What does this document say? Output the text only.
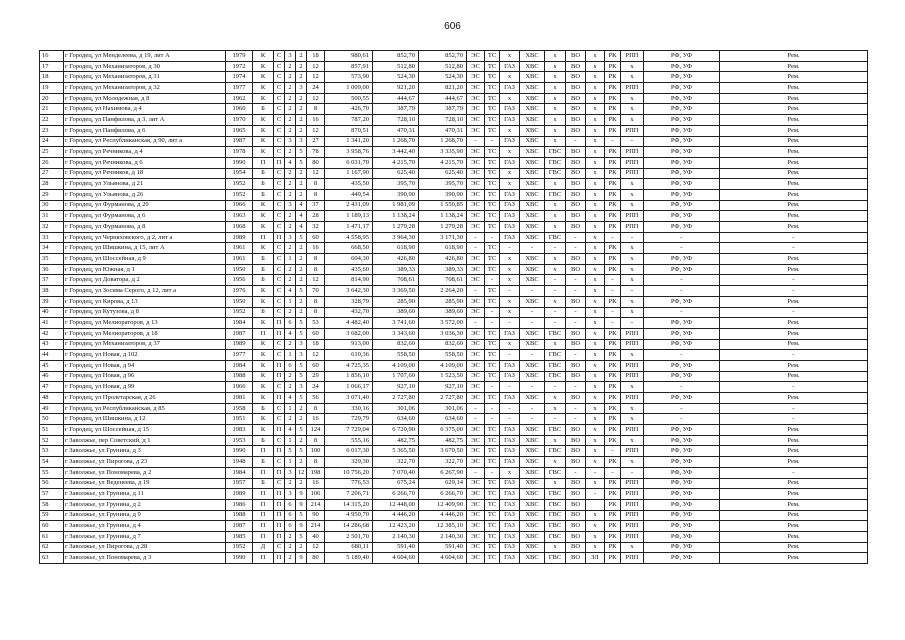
606
16	г Городец, ул Менделеева, д 19, лит А	1979	К	С	3	2	18	980,61	852,70	852,70	ЭС	ТС	х	ХВС	х	ВО	х	РК	РПП	РФ, УФ	Рем.
17	г Городец, ул Механизаторов, д 30	1972	К	С	2	2	12	857,91	512,80	512,80	ЭС	ТС	ГАЗ	ХВС	х	ВО	х	РК	х	РФ, УФ	Рем.
18	г Городец, ул Механизаторов, д 31	1974	К	С	2	2	12	573,90	524,30	524,30	ЭС	ТС	х	ХВС	х	ВО	х	РК	х	РФ, УФ	Рем.
19	г Городец, ул Механизаторов, д 32	1977	К	С	2	3	24	1 009,00	921,20	821,20	ЭС	ТС	ГАЗ	ХВС	х	ВО	х	РК	РПП	РФ, УФ	Рем.
20	г Городец, ул Молодежная, д 8	1962	К	С	2	2	12	500,55	444,67	444,67	ЭС	ТС	х	ХВС	х	ВО	х	РК	х	РФ, УФ	Рем.
21	г Городец, ул Нахимова, д 4	1960	Б	С	2	2	8	426,70	387,79	387,79	ЭС	ТС	ГАЗ	ХВС	х	ВО	х	РК	х	РФ, УФ	Рем.
22	г Городец, ул Панфилова, д 3, лит А	1970	К	С	2	2	16	787,20	728,10	728,10	ЭС	ТС	ГАЗ	ХВС	х	ВО	х	РК	х	РФ, УФ	Рем.
23	г Городец, ул Панфилова, д 6	1965	К	С	2	2	12	870,51	470,31	470,31	ЭС	ТС	х	ХВС	х	ВО	х	РК	РПП	РФ, УФ	Рем.
24	г Городец, ул Республиканская, д 90, лит а	1987	К	С	3	3	27	1 341,20	1 268,70	1 268,70	-	-	ГАЗ	ХВС	х	-	х	-	-	РФ, УФ	Рем.
25	г Городец, ул Речникова, д 4	1978	К	С	2	5	78	3 958,76	3 442,40	3 335,90	ЭС	ТС	х	ХВС	ГВС	ВО	х	РК	РПП	РФ, УФ	Рем.
26	г Городец, ул Речникова, д 6	1990	П	П	4	5	80	6 031,70	4 215,70	4 215,70	ЭС	ТС	ГАЗ	ХВС	ГВС	ВО	х	РК	РПП	РФ, УФ	Рем.
27	г Городец, ул Речников, д 18	1954	Б	С	2	2	12	1 167,90	625,40	625,40	ЭС	ТС	х	ХВС	ГВС	ВО	х	РК	РПП	РФ, УФ	Рем.
28	г Городец, ул Ульянова, д 21	1952	Б	С	2	2	8	435,50	395,70	395,70	ЭС	ТС	х	ХВС	х	ВО	х	РК	х	РФ, УФ	Рем.
29	г Городец, ул Ульянова, д 26	1952	Б	С	2	2	8	449,54	390,90	390,90	ЭС	ТС	ГАЗ	ХВС	ГВС	ВО	х	РК	х	РФ, УФ	Рем.
30	г Городец, ул Фурманова, д 20	1966	К	С	3	4	37	2 431,09	1 981,09	1 550,85	ЭС	ТС	ГАЗ	ХВС	х	ВО	х	РК	х	РФ, УФ	Рем.
31	г Городец, ул Фурманова, д 6	1963	К	С	2	4	28	1 189,13	1 138,24	1 138,24	ЭС	ТС	ГАЗ	ХВС	х	ВО	х	РК	РПП	РФ, УФ	Рем.
32	г Городец, ул Фурманова, д 8	1968	К	С	2	4	32	1 471,17	1 279,28	1 279,28	ЭС	ТС	ГАЗ	ХВС	х	ВО	х	РК	РПП	РФ, УФ	Рем.
33	г Городец, ул Черняховского, д 2, лит а	1989	П	П	3	5	60	4 558,95	3 964,30	3 171,30	-	-	ГАЗ	ХВС	ГВС	-	х	-	-	-	-
34	г Городец, ул Шишкина, д 15, лит А	1961	К	С	2	2	16	668,50	618,90	618,90	-	ТС	-	-	-	-	х	РК	х	-	-
35	г Городец, ул Шоссейная, д 9	1961	Б	С	1	2	8	604,30	426,80	426,80	ЭС	ТС	х	ХВС	х	ВО	х	РК	х	РФ, УФ	Рем.
36	г Городец, ул Южная, д 1	1950	Б	С	2	2	8	435,60	389,33	389,33	ЭС	ТС	х	ХВС	х	ВО	х	РК	х	РФ, УФ	Рем.
37	г Городец, ул Доватора, д 2	1956	Б	С	2	2	12	814,90	708,61	708,61	ЭС	-	х	ХВС	-	-	х	-	х	-	-
38	г Городец, ул Зосима Серого, д 12, лит а	1976	К	С	4	5	70	3 642,30	3 369,50	2 264,20	-	ТС	-	-	-	-	х	-	-	-	-
39	г Городец, ул Кирова, д 13	1950	К	С	1	2	8	328,79	285,90	285,90	ЭС	ТС	х	ХВС	х	ВО	х	РК	х	РФ, УФ	Рем.
40	г Городец, ул Кутузова, д 8	1952	Б	С	2	2	8	432,70	389,60	389,60	ЭС	-	х	-	-	-	х	-	х	-	-
41	г Городец, ул Мелиораторов, д 13	1984	К	П	6	5	53	4 482,40	3 741,60	3 572,00	-	-	-	-	-	-	х	-	-	РФ, УФ	Рем.
42	г Городец, ул Мелиораторов, д 18	1987	П	П	4	5	60	3 682,00	3 343,60	3 036,30	ЭС	ТС	ГАЗ	ХВС	ГВС	ВО	х	РК	РПП	РФ, УФ	Рем.
43	г Городец, ул Механизаторов, д 37	1989	К	С	2	3	18	913,00	832,60	832,60	ЭС	ТС	х	ХВС	х	ВО	х	РК	РПП	РФ, УФ	Рем.
44	г Городец, ул Новая, д 102	1977	К	С	1	3	12	610,36	558,50	558,50	ЭС	ТС	-	-	ГВС	-	х	РК	х	-	-
45	г Городец, ул Новая, д 94	1984	К	П	6	5	60	4 725,35	4 109,00	4 109,00	ЭС	ТС	ГАЗ	ХВС	ГВС	ВО	х	РК	РПП	РФ, УФ	Рем.
46	г Городец, ул Новая, д 96	1988	К	П	2	5	29	1 856,10	1 707,60	1 523,50	ЭС	ТС	ГАЗ	ХВС	ГВС	ВО	х	РК	РПП	РФ, УФ	Рем.
47	г Городец, ул Новая, д 99	1966	К	С	2	3	24	1 066,17	927,10	927,10	ЭС	-	-	-	-	-	х	РК	х	-	-
48	г Городец, ул Пролетарская, д 26	1981	К	П	4	5	56	3 071,40	2 727,80	2 727,80	ЭС	ТС	ГАЗ	ХВС	х	ВО	х	РК	РПП	РФ, УФ	Рем.
49	г Городец, ул Республиканская, д 85	1958	Б	С	1	2	8	330,16	301,06	301,06	-	-	-	-	х	-	х	РК	х	-	-
50	г Городец, ул Шишкина, д 12	1951	К	С	2	2	16	729,79	634,60	634,60	-	-	-	-	-	-	х	РК	х	-	-
51	г Городец, ул Шоссейная, д 15	1983	К	П	4	5	124	7 729,04	6 720,90	6 375,00	ЭС	ТС	ГАЗ	ХВС	ГВС	ВО	х	РК	РПП	РФ, УФ	Рем.
52	г Заволжье, пер Советский, д 1	1953	Б	С	1	2	8	555,16	482,75	482,75	ЭС	ТС	ГАЗ	ХВС	х	ВО	х	РК	х	РФ, УФ	Рем.
53	г Заволжье, ул Грунина, д 3	1990	П	П	5	5	100	6 017,30	5 365,50	3 670,50	ЭС	ТС	ГАЗ	ХВС	ГВС	ВО	х	-	РПП	РФ, УФ	Рем.
54	г Заволжье, ул Пирогова, д 23	1948	Б	С	1	2	8	329,30	322,70	322,70	ЭС	ТС	ГАЗ	ХВС	х	ВО	х	РК	х	РФ, УФ	Рем.
55	г Заволжье, ул Пономарева, д 2	1984	П	П	3	12	198	10 756,20	7 070,40	6 267,90	-	-	х	ХВС	ГВС	-	-	-	-	РФ, УФ	-
56	г Заволжье, ул Веденеева, д 19	1957	Б	С	2	2	16	776,53	675,24	629,14	ЭС	ТС	ГАЗ	ХВС	х	ВО	х	РК	РПП	РФ, УФ	Рем.
57	г Заволжье, ул Грунина, д 11	1989	П	П	3	9	106	7 206,71	6 266,70	6 266,70	ЭС	ТС	ГАЗ	ХВС	ГВС	ВО	-	РК	РПП	РФ, УФ	Рем.
58	г Заволжье, ул Грунина, д 2	1986	П	П	6	9	214	14 315,20	12 448,00	12 409,90	ЭС	ТС	ГАЗ	ХВС	ГВС	ВО		РК	РПП	РФ, УФ	Рем.
59	г Заволжье, ул Грунина, д 9	1988	П	П	6	5	90	4 950,70	4 446,20	4 446,20	ЭС	ТС	ГАЗ	ХВС	ГВС	ВО	х	РК	РПП	РФ, УФ	Рем.
60	г Заволжье, ул Грунина, д 4	1987	П	П	6	9	214	14 286,68	12 423,20	12 385,10	ЭС	ТС	ГАЗ	ХВС	ГВС	ВО	х	РК	РПП	РФ, УФ	Рем.
61	г Заволжье, ул Грунина, д 7	1985	П	П	2	5	40	2 501,70	2 140,30	2 140,30	ЭС	ТС	ГАЗ	ХВС	ГВС	ВО	х	РК	РПП	РФ, УФ	Рем.
62	г Заволжье, ул Пирогова, д 28	1952	Д	С	2	2	12	680,11	591,40	591,40	ЭС	ТС	ГАЗ	ХВС	х	ВО	х	РК	х	РФ, УФ	Рем.
63	г Заволжье, ул Пономарева, д 3	1990	П	П	2	9	80	5 189,40	4 604,60	4 604,60	ЭС	ТС	ГАЗ	ХВС	ГВС	ВО	ЗЛ	РК	РПП	РФ, УФ	Рем.
